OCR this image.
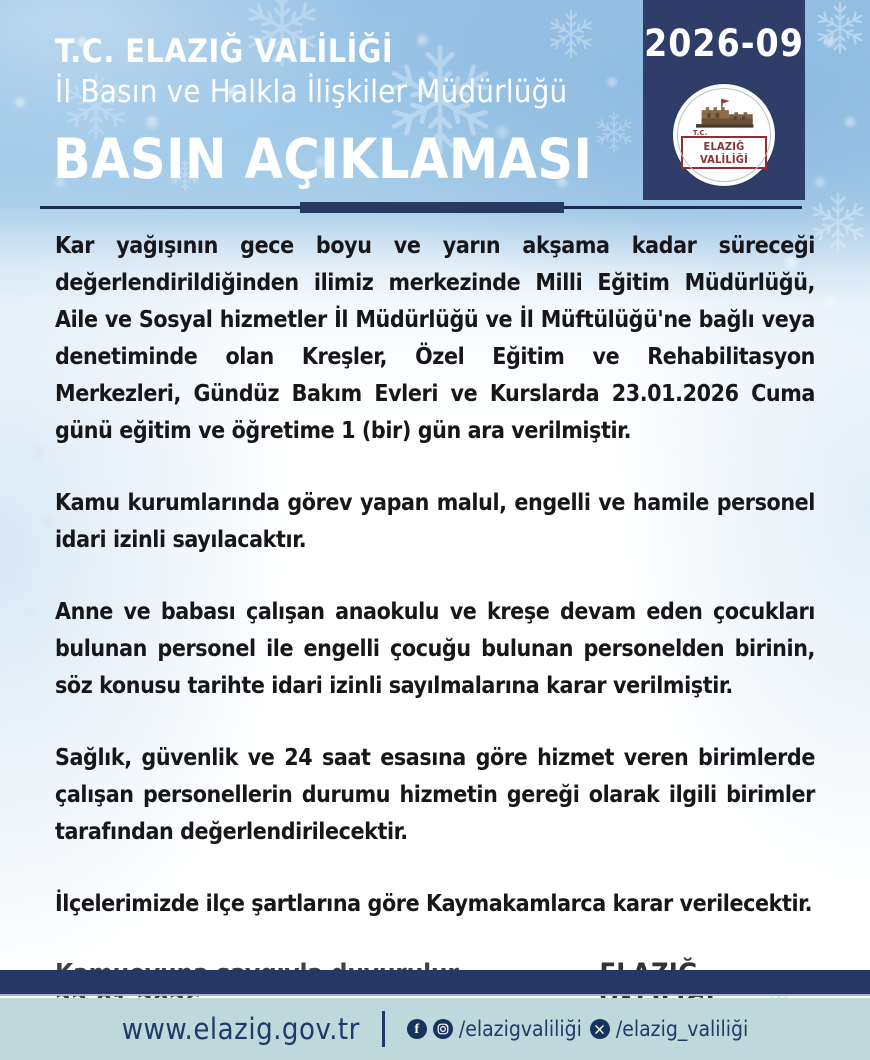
T.C. ELAZIĞ VALİLİĞİ
İl Basın ve Halkla İlişkiler Müdürlüğü
BASIN AÇIKLAMASI
2026-09
T.C.
ELAZIĞ VALİLİĞİ

Kar yağışının gece boyu ve yarın akşama kadar süreceği değerlendirildiğinden ilimiz merkezinde Milli Eğitim Müdürlüğü, Aile ve Sosyal hizmetler İl Müdürlüğü ve İl Müftülüğü'ne bağlı veya denetiminde olan Kreşler, Özel Eğitim ve Rehabilitasyon Merkezleri, Gündüz Bakım Evleri ve Kurslarda 23.01.2026 Cuma günü eğitim ve öğretime 1 (bir) gün ara verilmiştir.

Kamu kurumlarında görev yapan malul, engelli ve hamile personel idari izinli sayılacaktır.

Anne ve babası çalışan anaokulu ve kreşe devam eden çocukları bulunan personel ile engelli çocuğu bulunan personelden birinin, söz konusu tarihte idari izinli sayılmalarına karar verilmiştir.

Sağlık, güvenlik ve 24 saat esasına göre hizmet veren birimlerde çalışan personellerin durumu hizmetin gereği olarak ilgili birimler tarafından değerlendirilecektir.

İlçelerimizde ilçe şartlarına göre Kaymakamlarca karar verilecektir.

www.elazig.gov.tr	f /elazigvaliliği /elazig_valiliği
